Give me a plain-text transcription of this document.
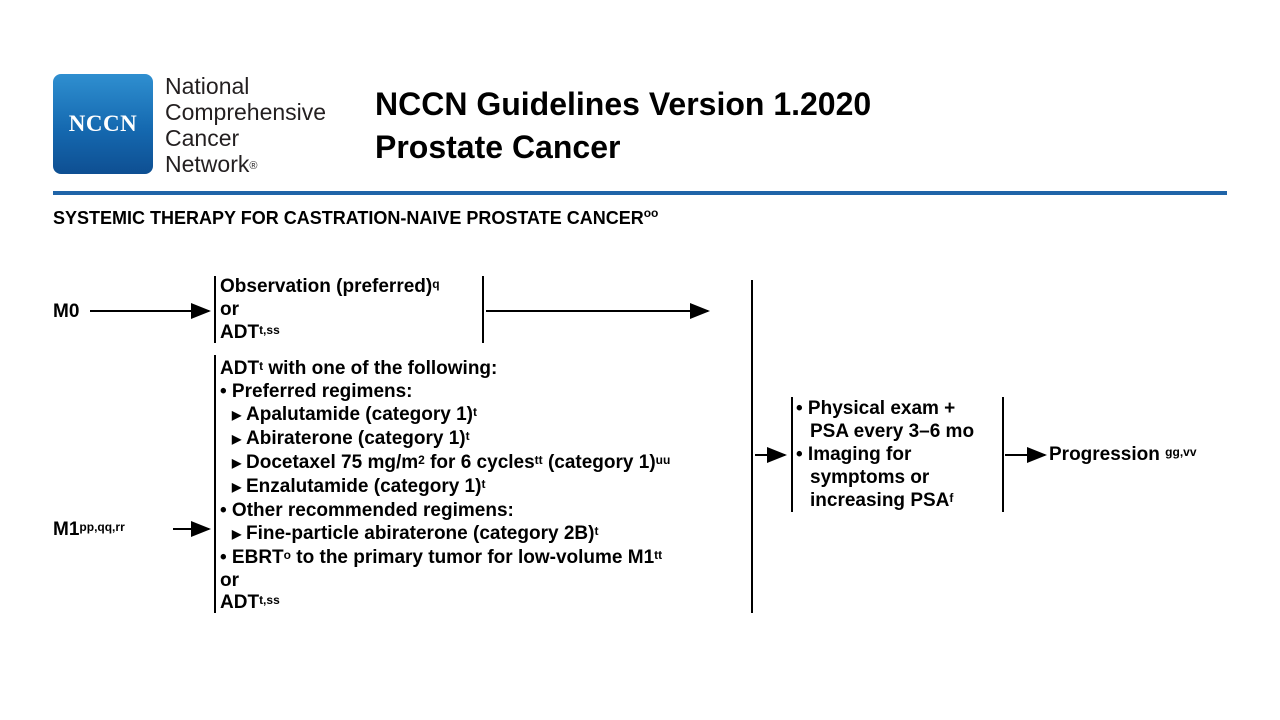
NCCN
National
Comprehensive
Cancer
Network®
NCCN Guidelines Version 1.2020
Prostate Cancer
SYSTEMIC THERAPY FOR CASTRATION-NAIVE PROSTATE $CANCER^{oo}$
M0
Observation (preferred)$^q$
or
$ADT^{t,ss}$
$M1^{pp,qq,rr}$
ADT$^t$ with one of the following:
• Preferred regimens:
▶ Apalutamide (category 1)$^t$
▶ Abiraterone (category 1)$^t$
▶ Docetaxel 75 $mg/m^2$ for 6 cycles$^{tt}$ (category 1)$^{uu}$
▶ Enzalutamide (category 1)$^t$
• Other recommended regimens:
▶ Fine-particle abiraterone (category 2B)$^t$
• EBRT$^o$ to the primary tumor for low-volume $M1^{tt}$
or
$ADT^{t,ss}$
• Physical exam +
PSA every 3–6 mo
• Imaging for
symptoms or
increasing PSA$^f$
Progression $^{gg,vv}$
